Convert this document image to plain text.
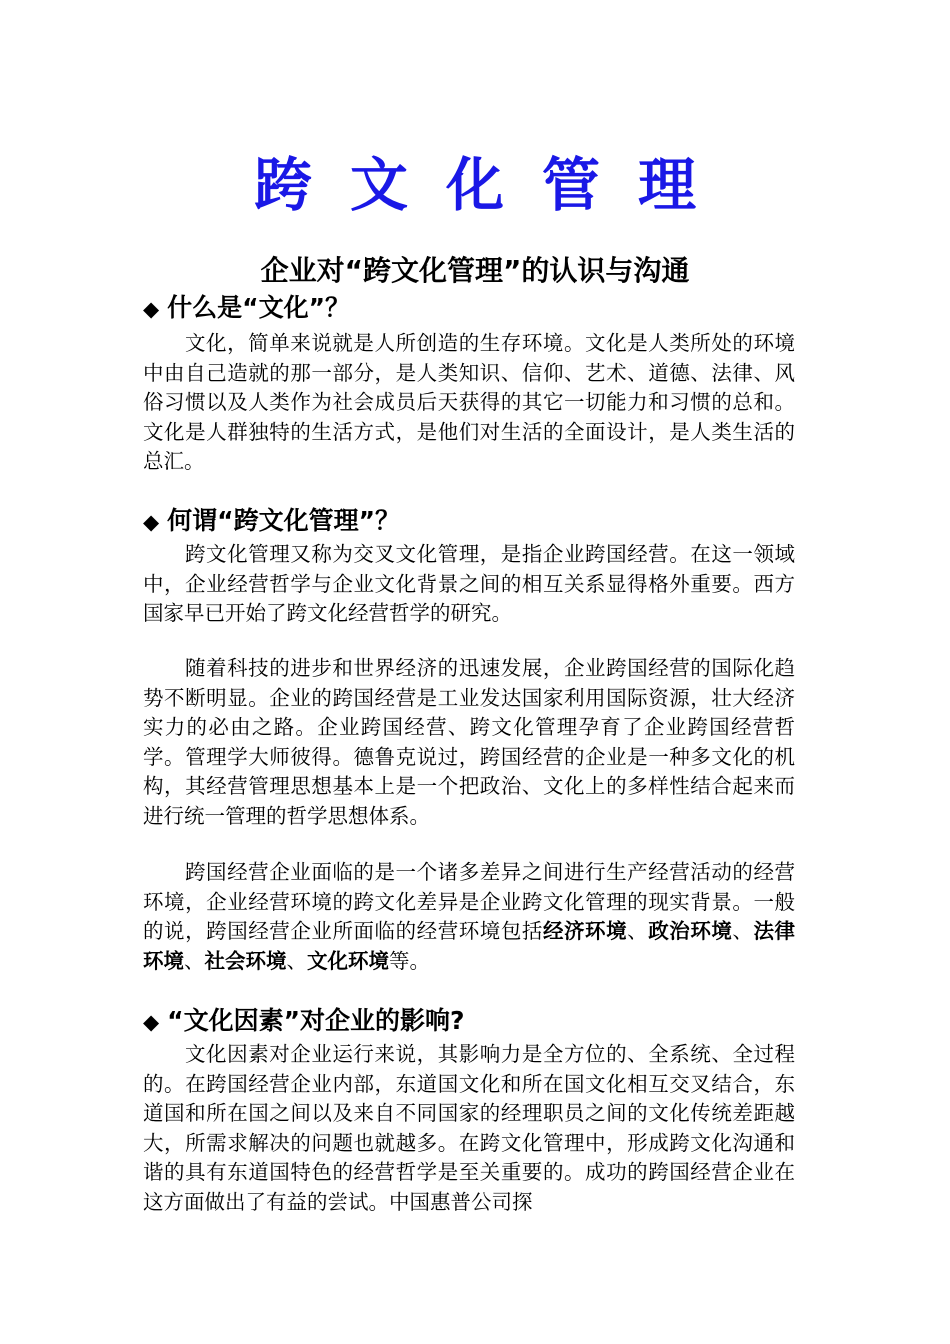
跨文化管理
企业对“跨文化管理”的认识与沟通
◆ 什么是“文化”？
文化，简单来说就是人所创造的生存环境。文化是人类所处的环境中由自己造就的那一部分，是人类知识、信仰、艺术、道德、法律、风俗习惯以及人类作为社会成员后天获得的其它一切能力和习惯的总和。文化是人群独特的生活方式，是他们对生活的全面设计，是人类生活的总汇。
◆ 何谓“跨文化管理”？
跨文化管理又称为交叉文化管理，是指企业跨国经营。在这一领域中，企业经营哲学与企业文化背景之间的相互关系显得格外重要。西方国家早已开始了跨文化经营哲学的研究。
随着科技的进步和世界经济的迅速发展，企业跨国经营的国际化趋势不断明显。企业的跨国经营是工业发达国家利用国际资源，壮大经济实力的必由之路。企业跨国经营、跨文化管理孕育了企业跨国经营哲学。管理学大师彼得。德鲁克说过，跨国经营的企业是一种多文化的机构，其经营管理思想基本上是一个把政治、文化上的多样性结合起来而进行统一管理的哲学思想体系。
跨国经营企业面临的是一个诸多差异之间进行生产经营活动的经营环境，企业经营环境的跨文化差异是企业跨文化管理的现实背景。一般的说，跨国经营企业所面临的经营环境包括经济环境、政治环境、法律环境、社会环境、文化环境等。
◆ “文化因素”对企业的影响?
文化因素对企业运行来说，其影响力是全方位的、全系统、全过程的。在跨国经营企业内部，东道国文化和所在国文化相互交叉结合，东道国和所在国之间以及来自不同国家的经理职员之间的文化传统差距越大，所需求解决的问题也就越多。在跨文化管理中，形成跨文化沟通和谐的具有东道国特色的经营哲学是至关重要的。成功的跨国经营企业在这方面做出了有益的尝试。中国惠普公司探
